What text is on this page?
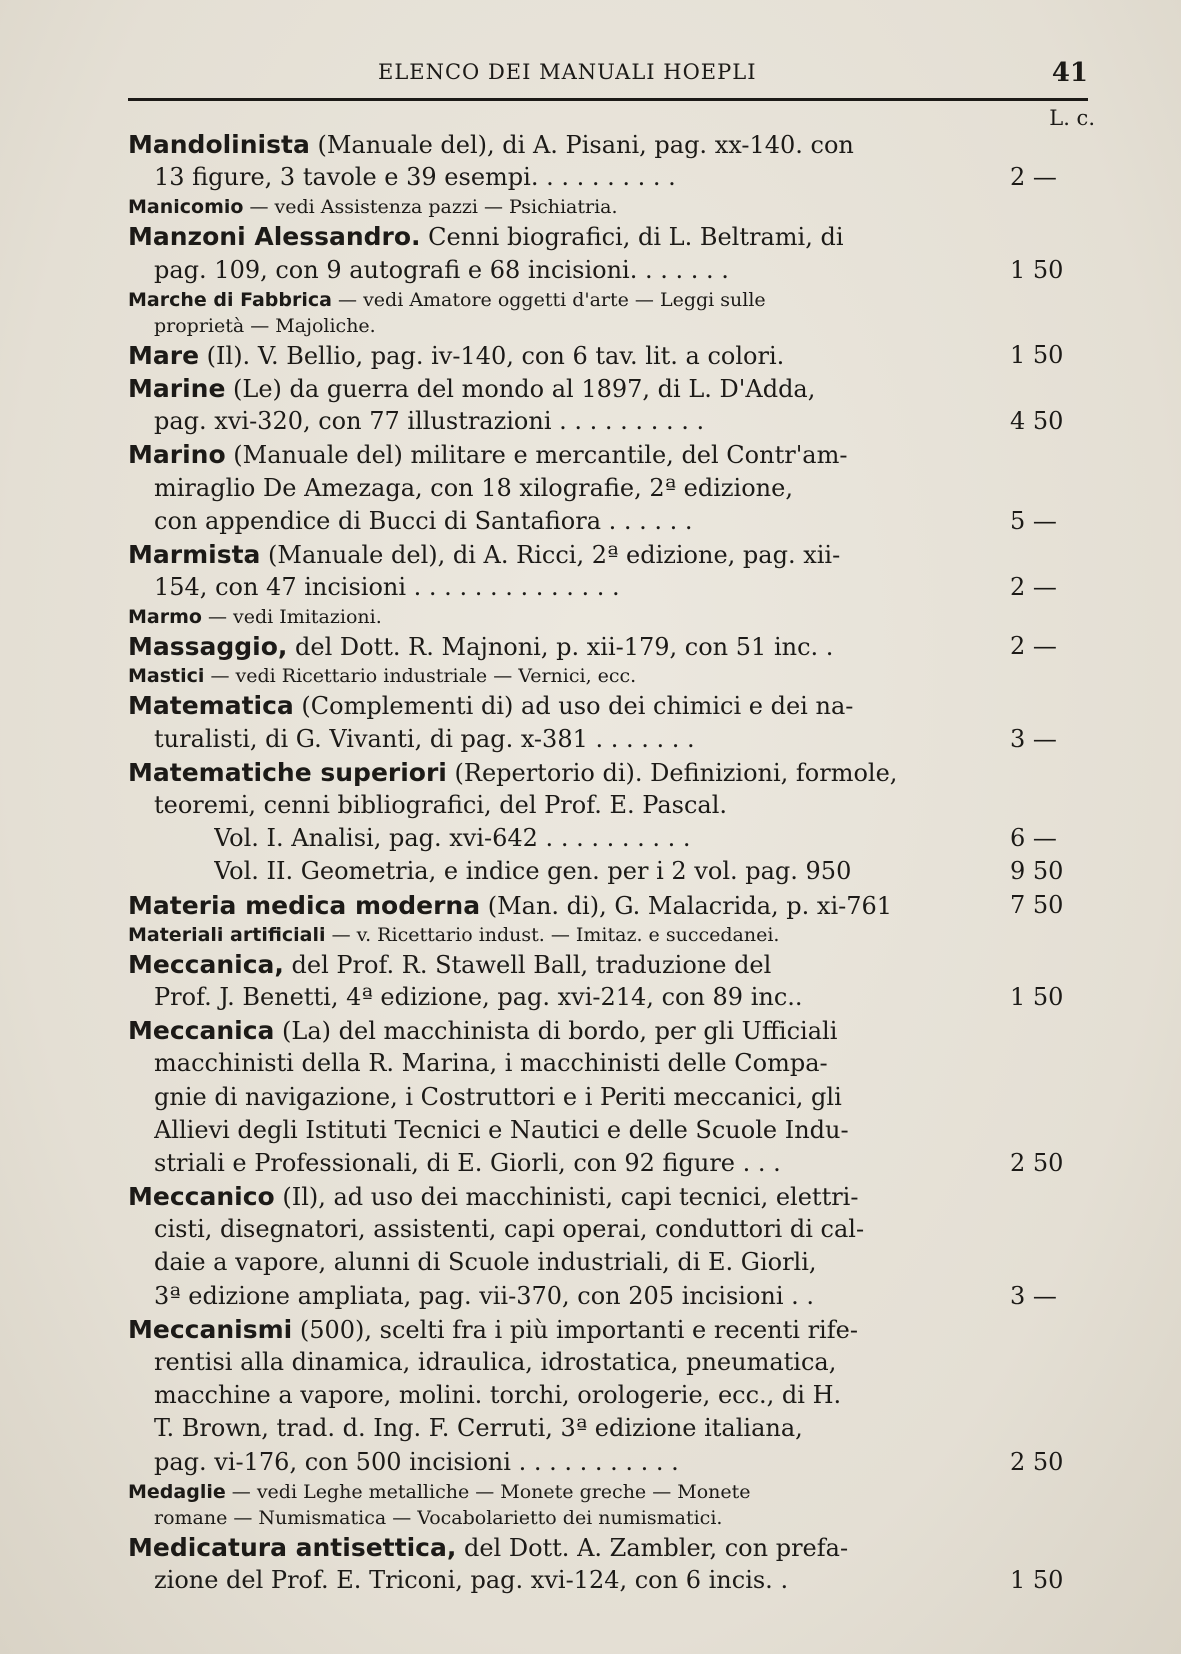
ELENCO DEI MANUALI HOEPLI	41
L. c.
Mandolinista (Manuale del), di A. Pisani, pag. xx-140. con
13 figure, 3 tavole e 39 esempi. . . . . . . . . .	2 —
Manicomio — vedi Assistenza pazzi — Psichiatria.
Manzoni Alessandro. Cenni biografici, di L. Beltrami, di
pag. 109, con 9 autografi e 68 incisioni. . . . . . .	1 50
Marche di Fabbrica — vedi Amatore oggetti d'arte — Leggi sulle
proprietà — Majoliche.
Mare (Il). V. Bellio, pag. iv-140, con 6 tav. lit. a colori.	1 50
Marine (Le) da guerra del mondo al 1897, di L. D'Adda,
pag. xvi-320, con 77 illustrazioni . . . . . . . . . .	4 50
Marino (Manuale del) militare e mercantile, del Contr'am-
miraglio De Amezaga, con 18 xilografie, 2ª edizione,
con appendice di Bucci di Santafiora . . . . . .	5 —
Marmista (Manuale del), di A. Ricci, 2ª edizione, pag. xii-
154, con 47 incisioni . . . . . . . . . . . . . .	2 —
Marmo — vedi Imitazioni.
Massaggio, del Dott. R. Majnoni, p. xii-179, con 51 inc. .	2 —
Mastici — vedi Ricettario industriale — Vernici, ecc.
Matematica (Complementi di) ad uso dei chimici e dei na-
turalisti, di G. Vivanti, di pag. x-381 . . . . . . .	3 —
Matematiche superiori (Repertorio di). Definizioni, formole,
teoremi, cenni bibliografici, del Prof. E. Pascal.
Vol. I. Analisi, pag. xvi-642 . . . . . . . . . .	6 —
Vol. II. Geometria, e indice gen. per i 2 vol. pag. 950	9 50
Materia medica moderna (Man. di), G. Malacrida, p. xi-761	7 50
Materiali artificiali — v. Ricettario indust. — Imitaz. e succedanei.
Meccanica, del Prof. R. Stawell Ball, traduzione del
Prof. J. Benetti, 4ª edizione, pag. xvi-214, con 89 inc..	1 50
Meccanica (La) del macchinista di bordo, per gli Ufficiali
macchinisti della R. Marina, i macchinisti delle Compa-
gnie di navigazione, i Costruttori e i Periti meccanici, gli
Allievi degli Istituti Tecnici e Nautici e delle Scuole Indu-
striali e Professionali, di E. Giorli, con 92 figure . . .	2 50
Meccanico (Il), ad uso dei macchinisti, capi tecnici, elettri-
cisti, disegnatori, assistenti, capi operai, conduttori di cal-
daie a vapore, alunni di Scuole industriali, di E. Giorli,
3ª edizione ampliata, pag. vii-370, con 205 incisioni . .	3 —
Meccanismi (500), scelti fra i più importanti e recenti rife-
rentisi alla dinamica, idraulica, idrostatica, pneumatica,
macchine a vapore, molini. torchi, orologerie, ecc., di H.
T. Brown, trad. d. Ing. F. Cerruti, 3ª edizione italiana,
pag. vi-176, con 500 incisioni . . . . . . . . . . .	2 50
Medaglie — vedi Leghe metalliche — Monete greche — Monete
romane — Numismatica — Vocabolarietto dei numismatici.
Medicatura antisettica, del Dott. A. Zambler, con prefa-
zione del Prof. E. Triconi, pag. xvi-124, con 6 incis. .	1 50
